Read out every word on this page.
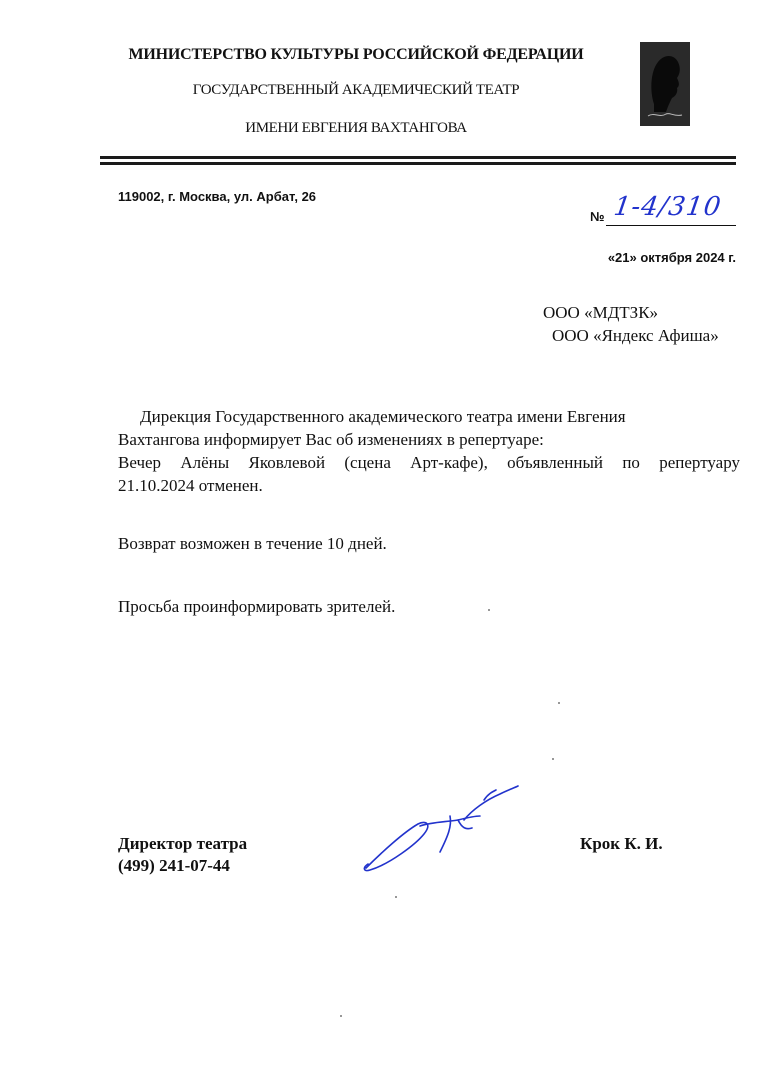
МИНИСТЕРСТВО КУЛЬТУРЫ РОССИЙСКОЙ ФЕДЕРАЦИИ
ГОСУДАРСТВЕННЫЙ АКАДЕМИЧЕСКИЙ ТЕАТР
ИМЕНИ ЕВГЕНИЯ ВАХТАНГОВА
119002, г. Москва, ул. Арбат, 26
№ 1-4/310
«21» октября 2024 г.
ООО «МДТЗК»
ООО «Яндекс Афиша»

Дирекция Государственного академического театра имени Евгения

Вахтангова информирует Вас об изменениях в репертуаре:

Вечер Алёны Яковлевой (сцена Арт-кафе), объявленный по репертуару

21.10.2024 отменен.

Возврат возможен в течение 10 дней.
Просьба проинформировать зрителей.
Директор театра
(499) 241-07-44
Крок К. И.
